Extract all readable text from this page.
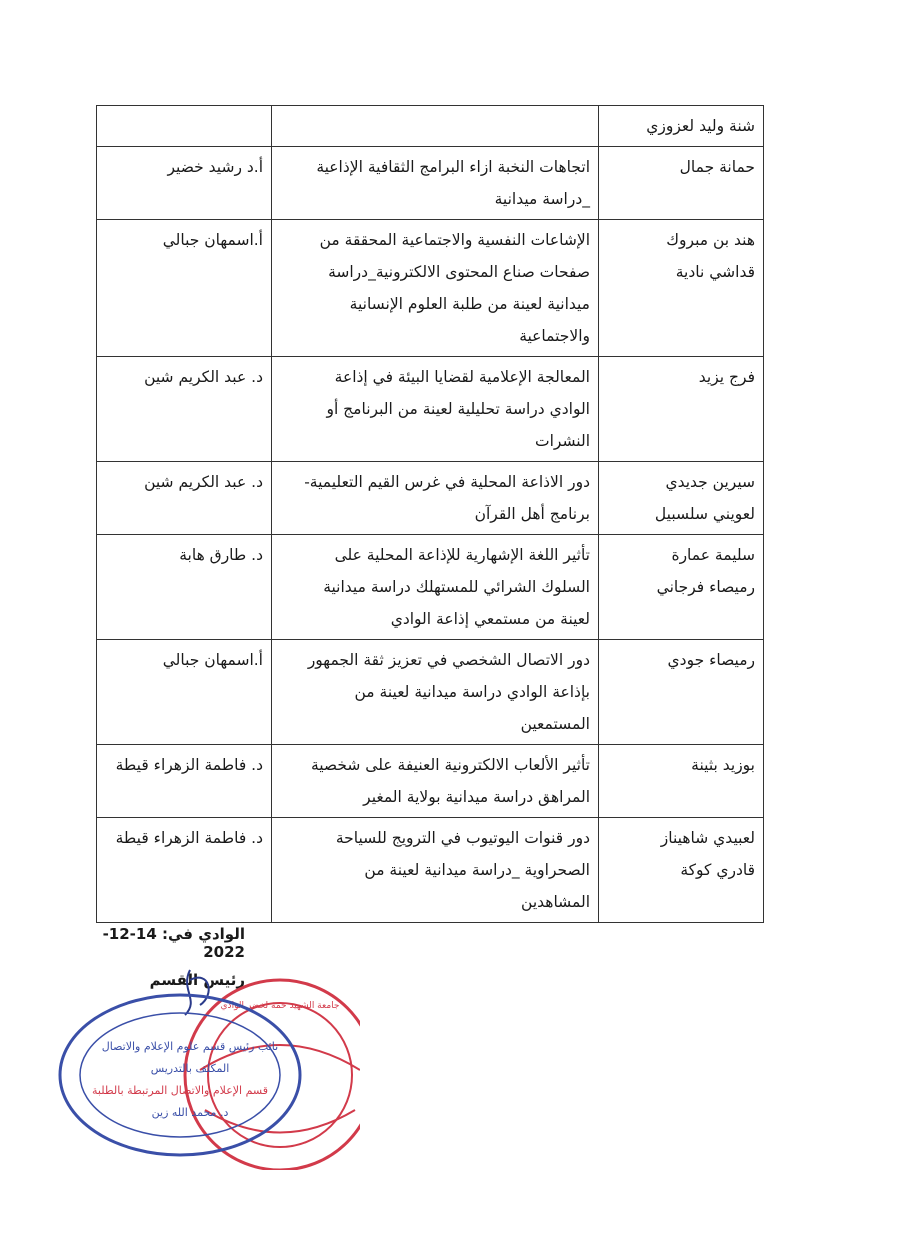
شنة وليد لعزوزي		

حمانة جمال	اتجاهات النخبة ازاء البرامج الثقافية الإذاعية
_دراسة ميدانية	أ.د رشيد خضير

هند بن مبروك
قداشي نادية	الإشاعات النفسية والاجتماعية المحققة من
صفحات صناع المحتوى الالكترونية_دراسة
ميدانية لعينة من طلبة العلوم الإنسانية
والاجتماعية	أ.اسمهان جبالي

فرج يزيد	المعالجة الإعلامية لقضايا البيئة في إذاعة
الوادي دراسة تحليلية لعينة من البرنامج أو
النشرات	د. عبد الكريم شين

سيرين جديدي
لعويني سلسبيل	دور الاذاعة المحلية في غرس القيم التعليمية-
برنامج أهل القرآن	د. عبد الكريم شين

سليمة عمارة
رميصاء فرجاني	تأثير اللغة الإشهارية للإذاعة المحلية على
السلوك الشرائي للمستهلك دراسة ميدانية
لعينة من مستمعي إذاعة الوادي	د. طارق هابة

رميصاء جودي	دور الاتصال الشخصي في تعزيز ثقة الجمهور
بإذاعة الوادي دراسة ميدانية لعينة من
المستمعين	أ.اسمهان جبالي

بوزيد بثينة	تأثير الألعاب الالكترونية العنيفة على شخصية
المراهق دراسة ميدانية بولاية المغير	د. فاطمة الزهراء قيطة

لعبيدي شاهيناز
قادري كوكة	دور قنوات اليوتيوب في الترويج للسياحة
الصحراوية _دراسة ميدانية لعينة من
المشاهدين	د. فاطمة الزهراء قيطة
الوادي في: 14-12-2022
رئيس القسم
جامعة الشهيد حمه لخضر الوادي
نائب رئيس قسم علوم الإعلام والاتصال
المكلف بالتدريس
قسم الإعلام والاتصال المرتبطة بالطلبة
د. محمد الله زين
